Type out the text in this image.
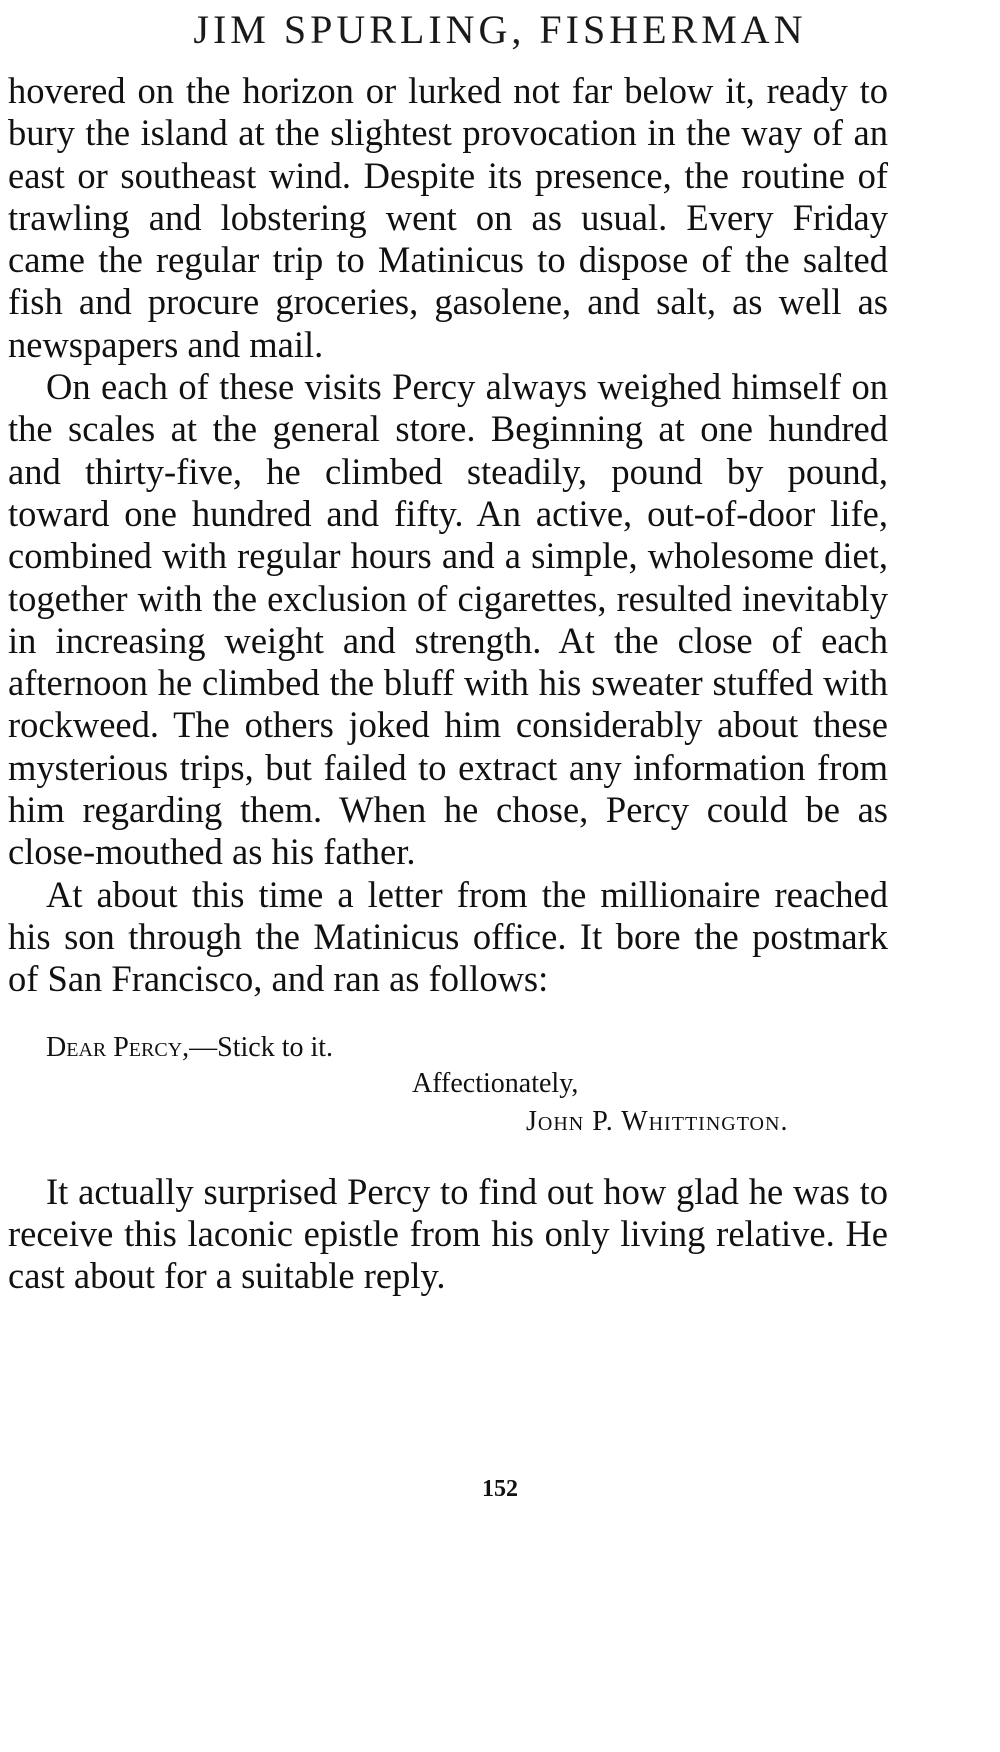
JIM SPURLING, FISHERMAN

hovered on the horizon or lurked not far below it, ready to bury the island at the slightest provocation in the way of an east or southeast wind. Despite its presence, the routine of trawling and lobstering went on as usual. Every Friday came the regular trip to Matinicus to dispose of the salted fish and procure groceries, gasolene, and salt, as well as newspapers and mail.

On each of these visits Percy always weighed himself on the scales at the general store. Beginning at one hundred and thirty-five, he climbed steadily, pound by pound, toward one hundred and fifty. An active, out-of-door life, combined with regular hours and a simple, wholesome diet, together with the exclusion of cigarettes, resulted inevitably in increasing weight and strength. At the close of each afternoon he climbed the bluff with his sweater stuffed with rockweed. The others joked him considerably about these mysterious trips, but failed to extract any information from him regarding them. When he chose, Percy could be as close-mouthed as his father.

At about this time a letter from the millionaire reached his son through the Matinicus office. It bore the postmark of San Francisco, and ran as follows:

Dear Percy,—Stick to it.
Affectionately,
John P. Whittington.

It actually surprised Percy to find out how glad he was to receive this laconic epistle from his only living relative. He cast about for a suitable reply.

152
